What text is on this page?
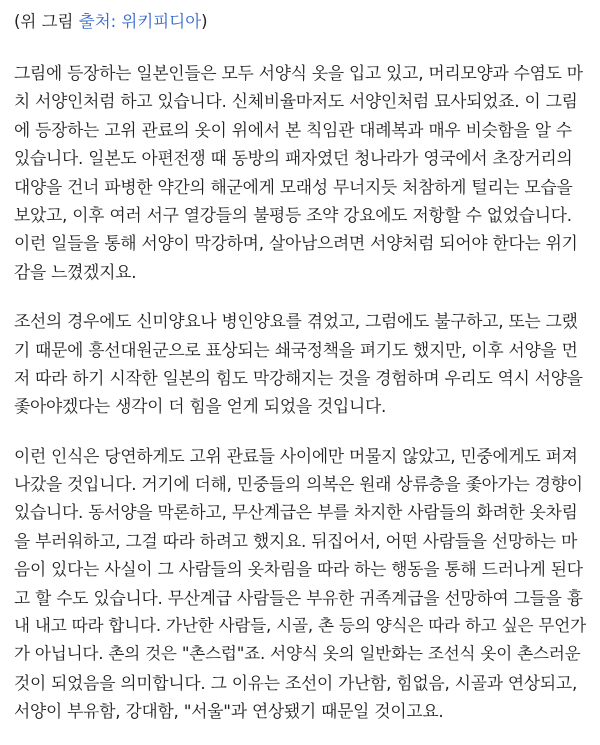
(위 그림 출처: 위키피디아)
그림에 등장하는 일본인들은 모두 서양식 옷을 입고 있고, 머리모양과 수염도 마
치 서양인처럼 하고 있습니다. 신체비율마저도 서양인처럼 묘사되었죠. 이 그림
에 등장하는 고위 관료의 옷이 위에서 본 칙임관 대례복과 매우 비슷함을 알 수
있습니다. 일본도 아편전쟁 때 동방의 패자였던 청나라가 영국에서 초장거리의
대양을 건너 파병한 약간의 해군에게 모래성 무너지듯 처참하게 털리는 모습을
보았고, 이후 여러 서구 열강들의 불평등 조약 강요에도 저항할 수 없었습니다.
이런 일들을 통해 서양이 막강하며, 살아남으려면 서양처럼 되어야 한다는 위기
감을 느꼈겠지요.
조선의 경우에도 신미양요나 병인양요를 겪었고, 그럼에도 불구하고, 또는 그랬
기 때문에 흥선대원군으로 표상되는 쇄국정책을 펴기도 했지만, 이후 서양을 먼
저 따라 하기 시작한 일본의 힘도 막강해지는 것을 경험하며 우리도 역시 서양을
좇아야겠다는 생각이 더 힘을 얻게 되었을 것입니다.
이런 인식은 당연하게도 고위 관료들 사이에만 머물지 않았고, 민중에게도 퍼져
나갔을 것입니다. 거기에 더해, 민중들의 의복은 원래 상류층을 좇아가는 경향이
있습니다. 동서양을 막론하고, 무산계급은 부를 차지한 사람들의 화려한 옷차림
을 부러워하고, 그걸 따라 하려고 했지요. 뒤집어서, 어떤 사람들을 선망하는 마
음이 있다는 사실이 그 사람들의 옷차림을 따라 하는 행동을 통해 드러나게 된다
고 할 수도 있습니다. 무산계급 사람들은 부유한 귀족계급을 선망하여 그들을 흉
내 내고 따라 합니다. 가난한 사람들, 시골, 촌 등의 양식은 따라 하고 싶은 무언가
가 아닙니다. 촌의 것은 "촌스럽"죠. 서양식 옷의 일반화는 조선식 옷이 촌스러운
것이 되었음을 의미합니다. 그 이유는 조선이 가난함, 힘없음, 시골과 연상되고,
서양이 부유함, 강대함, "서울"과 연상됐기 때문일 것이고요.
